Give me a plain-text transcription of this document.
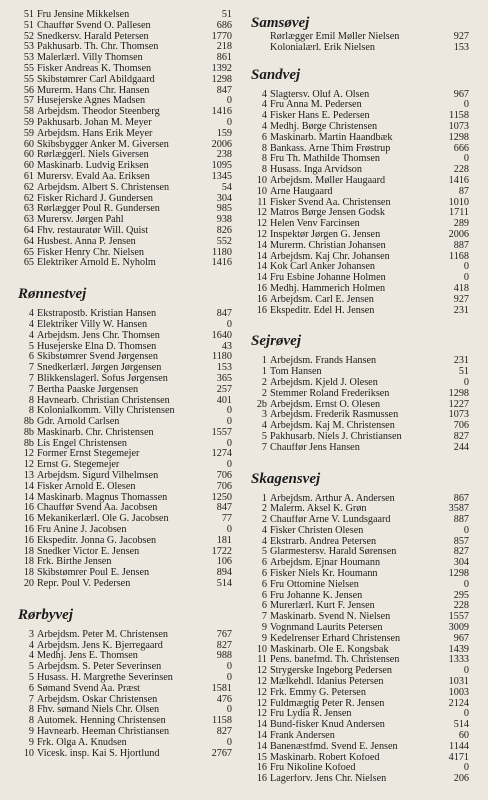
51 Fru Jensine Mikkelsen	51
51 Chauffør Svend O. Pallesen	686
52 Snedkersv. Harald Petersen	1770
53 Pakhusarb. Th. Chr. Thomsen	218
53 Malerlærl. Villy Thomsen	861
55 Fisker Andreas K. Thomsen	1392
55 Skibstømrer Carl Abildgaard	1298
56 Murerm. Hans Chr. Hansen	847
57 Husejerske Agnes Madsen	0
58 Arbejdsm. Theodor Steenberg	1416
59 Pakhusarb. Johan M. Meyer	0
59 Arbejdsm. Hans Erik Meyer	159
60 Skibsbygger Anker M. Giversen	2006
60 Rørlæggerl. Niels Giversen	238
60 Maskinarb. Ludvig Eriksen	1095
61 Murersv. Evald Aa. Eriksen	1345
62 Arbejdsm. Albert S. Christensen	54
62 Fisker Richard J. Gundersen	304
63 Rørlægger Poul R. Gundersen	985
63 Murersv. Jørgen Pahl	938
64 Fhv. restauratør Will. Quist	826
64 Husbest. Anna P. Jensen	552
65 Fisker Henry Chr. Nielsen	1180
65 Elektriker Arnold E. Nyholm	1416
Rønnestvej
4 Ekstrapostb. Kristian Hansen	847
4 Elektriker Villy W. Hansen	0
4 Arbejdsm. Jens Chr. Thomsen	1640
5 Husejerske Elna D. Thomsen	43
6 Skibstømrer Svend Jørgensen	1180
7 Snedkerlærl. Jørgen Jørgensen	153
7 Blikkenslagerl. Sofus Jørgensen	365
7 Bertha Paaske Jørgensen	257
8 Havnearb. Christian Christensen	401
8 Kolonialkomm. Villy Christensen	0
8b Gdr. Arnold Carlsen	0
8b Maskinarb. Chr. Christensen	1557
8b Lis Engel Christensen	0
12 Former Ernst Stegemejer	1274
12 Ernst G. Stegemejer	0
13 Arbejdsm. Sigurd Vilhelmsen	706
14 Fisker Arnold E. Olesen	706
14 Maskinarb. Magnus Thomassen	1250
16 Chauffør Svend Aa. Jacobsen	847
16 Mekanikerlærl. Ole G. Jacobsen	77
16 Fru Anine J. Jacobsen	0
16 Ekspeditr. Jonna G. Jacobsen	181
18 Snedker Victor E. Jensen	1722
18 Frk. Birthe Jensen	106
18 Skibstømrer Poul E. Jensen	894
20 Repr. Poul V. Pedersen	514
Rørbyvej
3 Arbejdsm. Peter M. Christensen	767
4 Arbejdsm. Jens K. Bjerregaard	827
4 Medhj. Jens E. Thomsen	988
5 Arbejdsm. S. Peter Severinsen	0
5 Husass. H. Margrethe Severinsen	0
6 Sømand Svend Aa. Præst	1581
7 Arbejdsm. Oskar Christensen	476
8 Fhv. sømand Niels Chr. Olsen	0
8 Automek. Henning Christensen	1158
9 Havnearb. Heeman Christiansen	827
9 Frk. Olga A. Knudsen	0
10 Vicesk. insp. Kai S. Hjortlund	2767
Samsøvej
Rørlægger Emil Møller Nielsen	927
Kolonialærl. Erik Nielsen	153
Sandvej
4 Slagtersv. Oluf A. Olsen	967
4 Fru Anna M. Pedersen	0
4 Fisker Hans E. Pedersen	1158
4 Medhj. Børge Christensen	1073
6 Maskinarb. Martin Haandbæk	1298
8 Bankass. Arne Thim Frøstrup	666
8 Fru Th. Mathilde Thomsen	0
8 Husass. Inga Arvidson	228
10 Arbejdsm. Møller Haugaard	1416
10 Arne Haugaard	87
11 Fisker Svend Aa. Christensen	1010
12 Matros Børge Jensen Godsk	1711
12 Helen Venv Farcinsen	289
12 Inspektør Jørgen G. Jensen	2006
14 Murerm. Christian Johansen	887
14 Arbejdsm. Kaj Chr. Johansen	1168
14 Kok Carl Anker Johansen	0
14 Fru Esbine Johanne Holmen	0
16 Medhj. Hammerich Holmen	418
16 Arbejdsm. Carl E. Jensen	927
16 Ekspeditr. Edel H. Jensen	231
Sejrøvej
1 Arbejdsm. Frands Hansen	231
1 Tom Hansen	51
2 Arbejdsm. Kjeld J. Olesen	0
2 Stemmer Roland Frederiksen	1298
2b Arbejdsm. Ernst O. Olesen	1227
3 Arbejdsm. Frederik Rasmussen	1073
4 Arbejdsm. Kaj M. Christensen	706
5 Pakhusarb. Niels J. Christiansen	827
7 Chauffør Jens Hansen	244
Skagensvej
1 Arbejdsm. Arthur A. Andersen	867
2 Malerm. Aksel K. Grøn	3587
2 Chauffør Arne V. Lundsgaard	887
4 Fisker Christen Olesen	0
4 Ekstrarb. Andrea Petersen	857
5 Glarmestersv. Harald Sørensen	827
6 Arbejdsm. Ejnar Houmann	304
6 Fisker Niels Kr. Houmann	1298
6 Fru Ottomine Nielsen	0
6 Fru Johanne K. Jensen	295
6 Murerlærl. Kurt F. Jensen	228
7 Maskinarb. Svend N. Nielsen	1557
9 Vognmand Laurits Petersen	3009
9 Kedelrenser Erhard Christensen	967
10 Maskinarb. Ole E. Kongsbak	1439
11 Pens. banefmd. Th. Christensen	1333
12 Strygerske Ingeborg Pedersen	0
12 Mælkehdl. Idanius Petersen	1031
12 Frk. Emmy G. Petersen	1003
12 Fuldmægtig Peter R. Jensen	2124
12 Fru Lydia R. Jensen	0
14 Bund-fisker Knud Andersen	514
14 Frank Andersen	60
14 Banenæstfmd. Svend E. Jensen	1144
15 Maskinarb. Robert Kofoed	4171
16 Fru Nikoline Kofoed	0
16 Lagerforv. Jens Chr. Nielsen	206
